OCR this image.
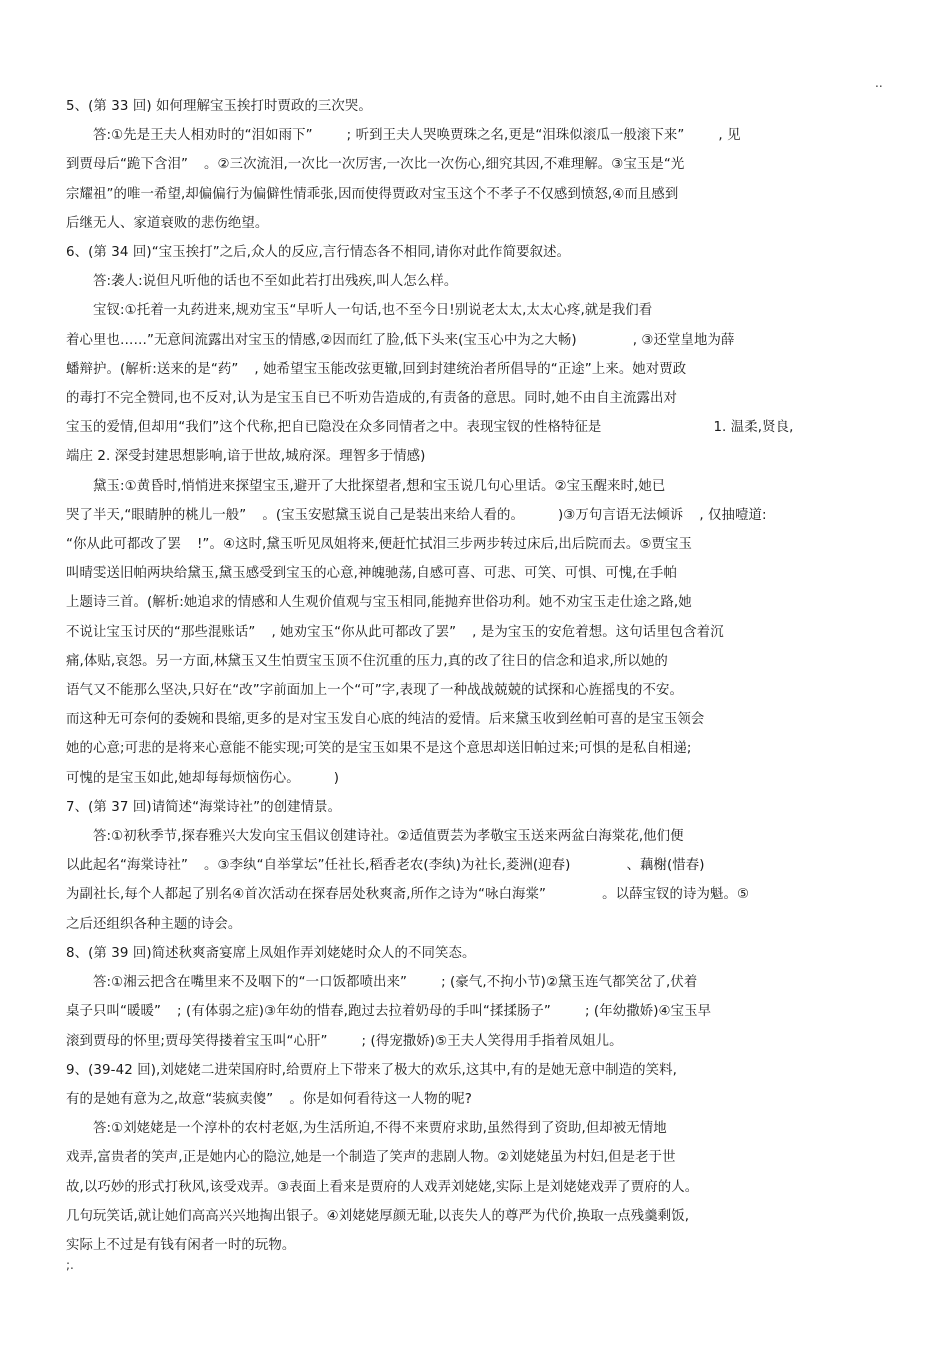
..
5、(第 33 回) 如何理解宝玉挨打时贾政的三次哭。
答:①先是王夫人相劝时的“泪如雨下”	; 听到王夫人哭唤贾珠之名,更是“泪珠似滚瓜一般滚下来”	, 见
到贾母后“跪下含泪” 。②三次流泪,一次比一次厉害,一次比一次伤心,细究其因,不难理解。③宝玉是“光
宗耀祖”的唯一希望,却偏偏行为偏僻性情乖张,因而使得贾政对宝玉这个不孝子不仅感到愤怒,④而且感到
后继无人、家道衰败的悲伤绝望。
6、(第 34 回)“宝玉挨打”之后,众人的反应,言行情态各不相同,请你对此作简要叙述。
答:袭人:说但凡听他的话也不至如此若打出残疾,叫人怎么样。
宝钗:①托着一丸药进来,规劝宝玉“早听人一句话,也不至今日!别说老太太,太太心疼,就是我们看
着心里也……”无意间流露出对宝玉的情感,②因而红了脸,低下头来(宝玉心中为之大畅)	, ③还堂皇地为薛
蟠辩护。(解析:送来的是“药” , 她希望宝玉能改弦更辙,回到封建统治者所倡导的“正途”上来。她对贾政
的毒打不完全赞同,也不反对,认为是宝玉自已不听劝告造成的,有责备的意思。同时,她不由自主流露出对
宝玉的爱情,但却用“我们”这个代称,把自已隐没在众多同情者之中。表现宝钗的性格特征是	1. 温柔,贤良,
端庄 2. 深受封建思想影响,谙于世故,城府深。理智多于情感)
黛玉:①黄昏时,悄悄进来探望宝玉,避开了大批探望者,想和宝玉说几句心里话。②宝玉醒来时,她已
哭了半天,“眼睛肿的桃儿一般” 。(宝玉安慰黛玉说自己是装出来给人看的。	)③万句言语无法倾诉 , 仅抽噎道:
“你从此可都改了罢 !”。④这时,黛玉听见凤姐将来,便赶忙拭泪三步两步转过床后,出后院而去。⑤贾宝玉
叫晴雯送旧帕两块给黛玉,黛玉感受到宝玉的心意,神魄驰荡,自感可喜、可悲、可笑、可惧、可愧,在手帕
上题诗三首。(解析:她追求的情感和人生观价值观与宝玉相同,能抛弃世俗功利。她不劝宝玉走仕途之路,她
不说让宝玉讨厌的“那些混账话” , 她劝宝玉“你从此可都改了罢” , 是为宝玉的安危着想。这句话里包含着沉
痛,体贴,哀怨。另一方面,林黛玉又生怕贾宝玉顶不住沉重的压力,真的改了往日的信念和追求,所以她的
语气又不能那么坚决,只好在“改”字前面加上一个“可”字,表现了一种战战兢兢的试探和心旌摇曳的不安。
而这种无可奈何的委婉和畏缩,更多的是对宝玉发自心底的纯洁的爱情。后来黛玉收到丝帕可喜的是宝玉领会
她的心意;可悲的是将来心意能不能实现;可笑的是宝玉如果不是这个意思却送旧帕过来;可惧的是私自相递;
可愧的是宝玉如此,她却每每烦恼伤心。	)
7、(第 37 回)请简述“海棠诗社”的创建情景。
答:①初秋季节,探春雅兴大发向宝玉倡议创建诗社。②适值贾芸为孝敬宝玉送来两盆白海棠花,他们便
以此起名“海棠诗社” 。③李纨“自举掌坛”任社长,稻香老农(李纨)为社长,菱洲(迎春)	、藕榭(惜春)
为副社长,每个人都起了别名④首次活动在探春居处秋爽斋,所作之诗为“咏白海棠”	。以薛宝钗的诗为魁。⑤
之后还组织各种主题的诗会。
8、(第 39 回)简述秋爽斋宴席上凤姐作弄刘姥姥时众人的不同笑态。
答:①湘云把含在嘴里来不及咽下的“一口饭都喷出来”	; (豪气,不拘小节)②黛玉连气都笑岔了,伏着
桌子只叫“暖暖” ; (有体弱之症)③年幼的惜春,跑过去拉着奶母的手叫“揉揉肠子”	; (年幼撒娇)④宝玉早
滚到贾母的怀里;贾母笑得搂着宝玉叫“心肝”	; (得宠撒娇)⑤王夫人笑得用手指着凤姐儿。
9、(39-42 回),刘姥姥二进荣国府时,给贾府上下带来了极大的欢乐,这其中,有的是她无意中制造的笑料,
有的是她有意为之,故意“装疯卖傻” 。你是如何看待这一人物的呢?
答:①刘姥姥是一个淳朴的农村老妪,为生活所迫,不得不来贾府求助,虽然得到了资助,但却被无情地
戏弄,富贵者的笑声,正是她内心的隐泣,她是一个制造了笑声的悲剧人物。②刘姥姥虽为村妇,但是老于世
故,以巧妙的形式打秋风,该受戏弄。③表面上看来是贾府的人戏弄刘姥姥,实际上是刘姥姥戏弄了贾府的人。
几句玩笑话,就让她们高高兴兴地掏出银子。④刘姥姥厚颜无耻,以丧失人的尊严为代价,换取一点残羹剩饭,
实际上不过是有钱有闲者一时的玩物。
;.
